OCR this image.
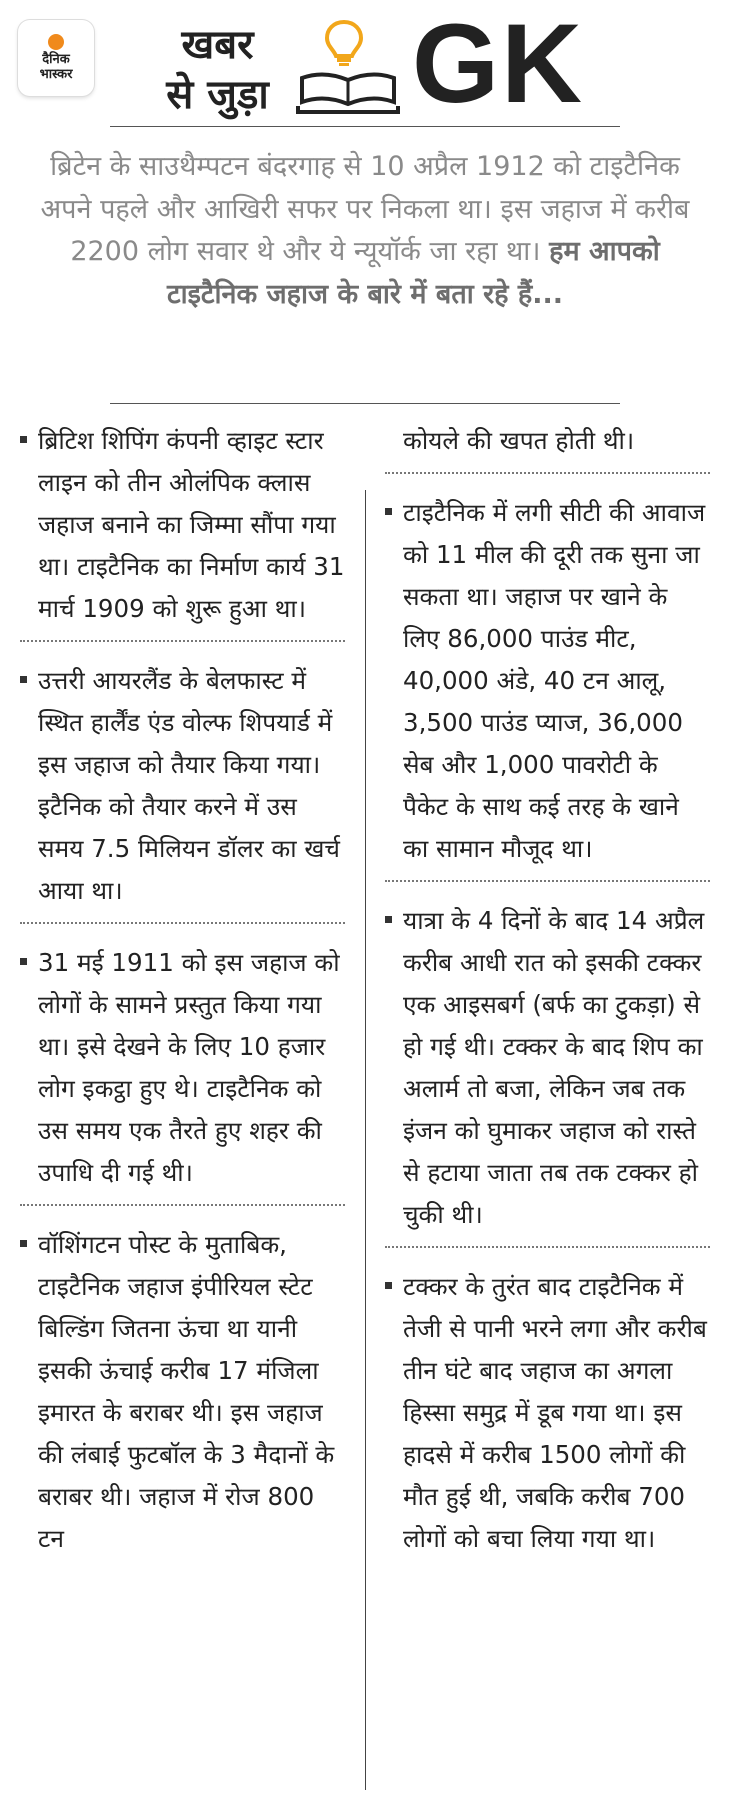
दैनिक
भास्कर
खबर
से जुड़ा GK
ब्रिटेन के साउथैम्पटन बंदरगाह से 10 अप्रैल 1912 को टाइटैनिक अपने पहले और आखिरी सफर पर निकला था। इस जहाज में करीब 2200 लोग सवार थे और ये न्यूयॉर्क जा रहा था। हम आपको टाइटैनिक जहाज के बारे में बता रहे हैं...
ब्रिटिश शिपिंग कंपनी व्हाइट स्टार लाइन को तीन ओलंपिक क्लास जहाज बनाने का जिम्मा सौंपा गया था। टाइटैनिक का निर्माण कार्य 31 मार्च 1909 को शुरू हुआ था।
उत्तरी आयरलैंड के बेलफास्ट में स्थित हार्लैंड एंड वोल्फ शिपयार्ड में इस जहाज को तैयार किया गया। इटैनिक को तैयार करने में उस समय 7.5 मिलियन डॉलर का खर्च आया था।
31 मई 1911 को इस जहाज को लोगों के सामने प्रस्तुत किया गया था। इसे देखने के लिए 10 हजार लोग इकट्ठा हुए थे। टाइटैनिक को उस समय एक तैरते हुए शहर की उपाधि दी गई थी।
वॉशिंगटन पोस्ट के मुताबिक, टाइटैनिक जहाज इंपीरियल स्टेट बिल्डिंग जितना ऊंचा था यानी इसकी ऊंचाई करीब 17 मंजिला इमारत के बराबर थी। इस जहाज की लंबाई फुटबॉल के 3 मैदानों के बराबर थी। जहाज में रोज 800 टन
कोयले की खपत होती थी।
टाइटैनिक में लगी सीटी की आवाज को 11 मील की दूरी तक सुना जा सकता था। जहाज पर खाने के लिए 86,000 पाउंड मीट, 40,000 अंडे, 40 टन आलू, 3,500 पाउंड प्याज, 36,000 सेब और 1,000 पावरोटी के पैकेट के साथ कई तरह के खाने का सामान मौजूद था।
यात्रा के 4 दिनों के बाद 14 अप्रैल करीब आधी रात को इसकी टक्कर एक आइसबर्ग (बर्फ का टुकड़ा) से हो गई थी। टक्कर के बाद शिप का अलार्म तो बजा, लेकिन जब तक इंजन को घुमाकर जहाज को रास्ते से हटाया जाता तब तक टक्कर हो चुकी थी।
टक्कर के तुरंत बाद टाइटैनिक में तेजी से पानी भरने लगा और करीब तीन घंटे बाद जहाज का अगला हिस्सा समुद्र में डूब गया था। इस हादसे में करीब 1500 लोगों की मौत हुई थी, जबकि करीब 700 लोगों को बचा लिया गया था।
